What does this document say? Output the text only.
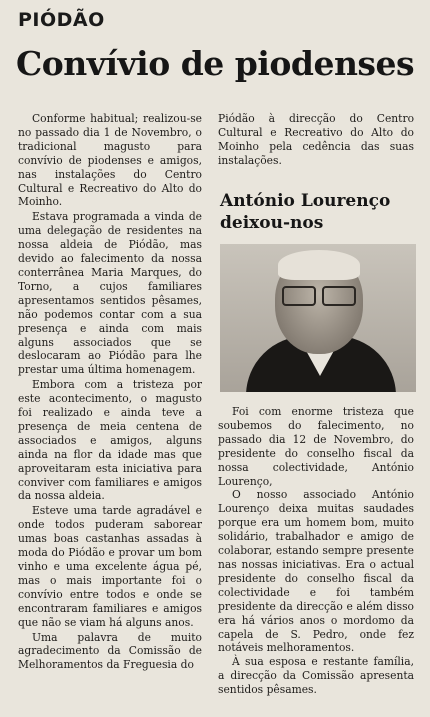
PIÓDÃO
Convívio de piodenses

Conforme habitual; realizou-se no passado dia 1 de Novembro, o tradicional magusto para convívio de piodenses e amigos, nas instalações do Centro Cultural e Recreativo do Alto do Moinho.

Estava programada a vinda de uma delegação de residentes na nossa aldeia de Piódão, mas devido ao falecimento da nossa conterrânea Maria Marques, do Torno, a cujos familiares apresentamos sentidos pêsames, não podemos contar com a sua presença e ainda com mais alguns associados que se deslocaram ao Piódão para lhe prestar uma última homenagem.

Embora com a tristeza por este acontecimento, o magusto foi realizado e ainda teve a presença de meia centena de associados e amigos, alguns ainda na flor da idade mas que aproveitaram esta iniciativa para conviver com familiares e amigos da nossa aldeia.

Esteve uma tarde agradável e onde todos puderam saborear umas boas castanhas assadas à moda do Piódão e provar um bom vinho e uma excelente água pé, mas o mais importante foi o convívio entre todos e onde se encontraram familiares e amigos que não se viam há alguns anos.

Uma palavra de muito agradecimento da Comissão de Melhoramentos da Freguesia do

Piódão à direcção do Centro Cultural e Recreativo do Alto do Moinho pela cedência das suas instalações.

António Lourenço deixou-nos

Foi com enorme tristeza que soubemos do falecimento, no passado dia 12 de Novembro, do presidente do conselho fiscal da nossa colectividade, António Lourenço,

O nosso associado António Lourenço deixa muitas saudades porque era um homem bom, muito solidário, trabalhador e amigo de colaborar, estando sempre presente nas nossas iniciativas. Era o actual presidente do conselho fiscal da colectividade e foi também presidente da direcção e além disso era há vários anos o mordomo da capela de S. Pedro, onde fez notáveis melhoramentos.

À sua esposa e restante família, a direcção da Comissão apresenta sentidos pêsames.
